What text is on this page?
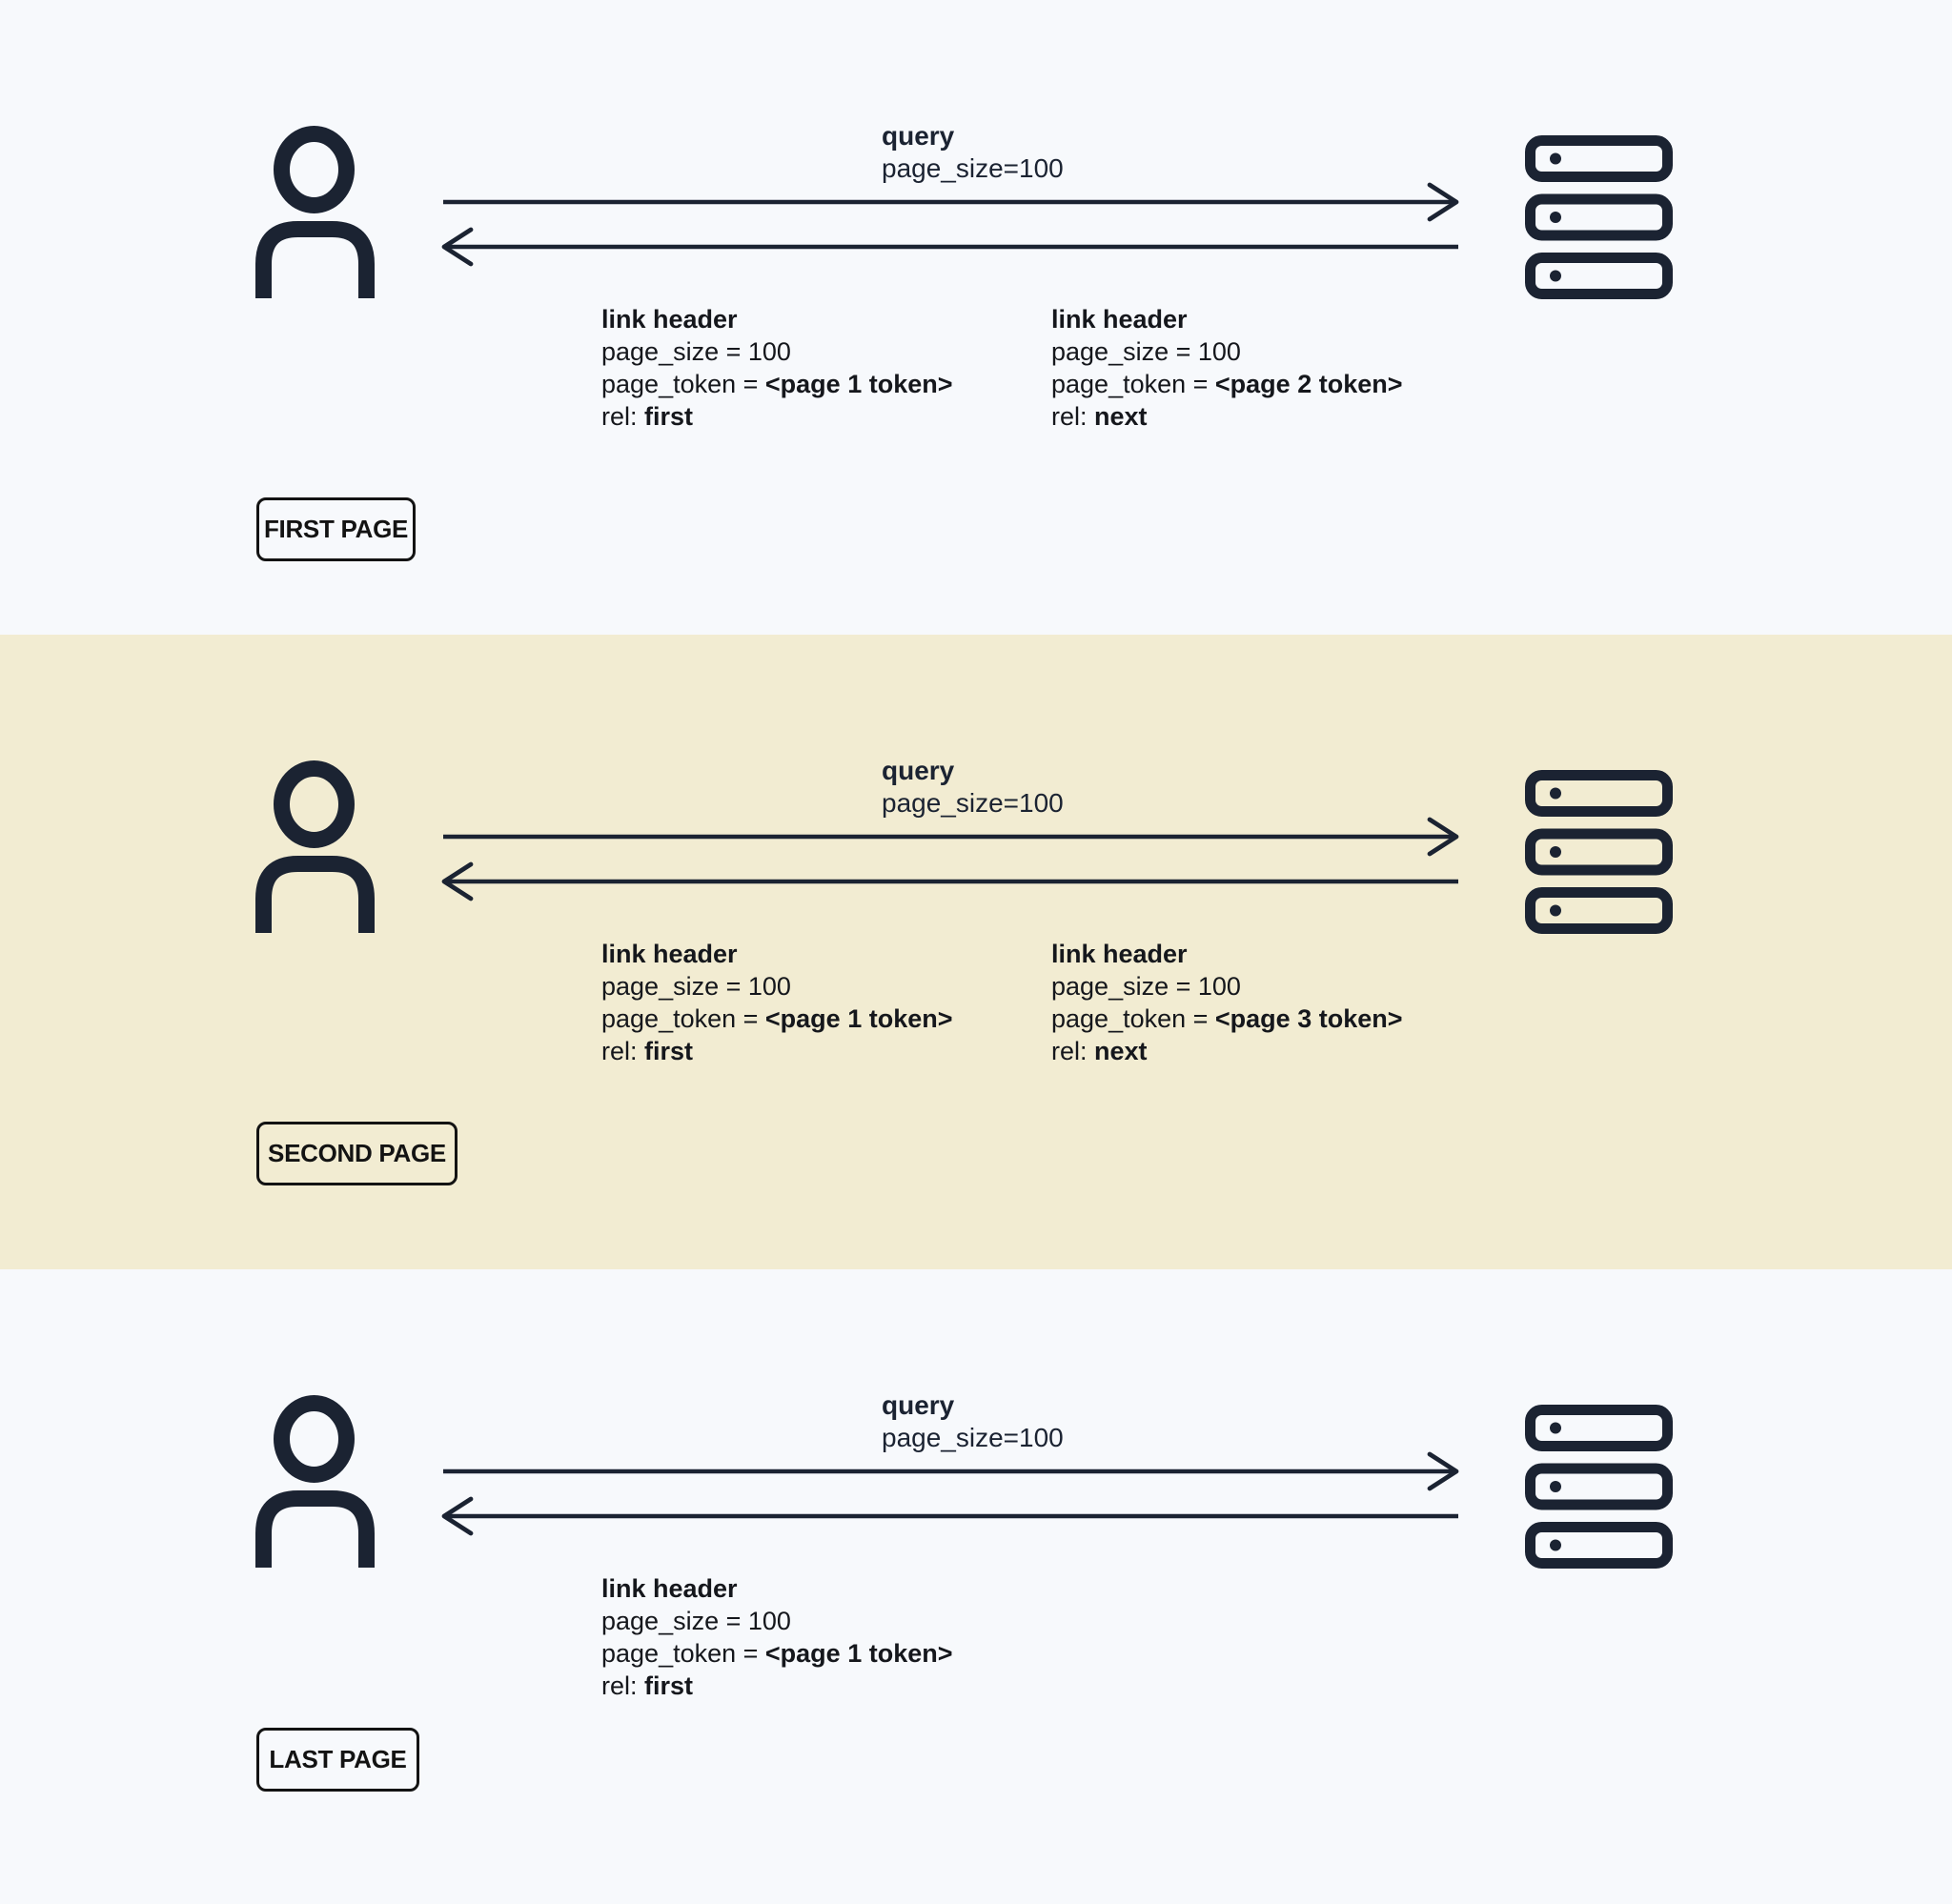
query
page_size=100
link header
page_size = 100
page_token = <page 1 token>
rel: first
link header
page_size = 100
page_token = <page 2 token>
rel: next
FIRST PAGE
query
page_size=100
link header
page_size = 100
page_token = <page 1 token>
rel: first
link header
page_size = 100
page_token = <page 3 token>
rel: next
SECOND PAGE
query
page_size=100
link header
page_size = 100
page_token = <page 1 token>
rel: first
LAST PAGE
